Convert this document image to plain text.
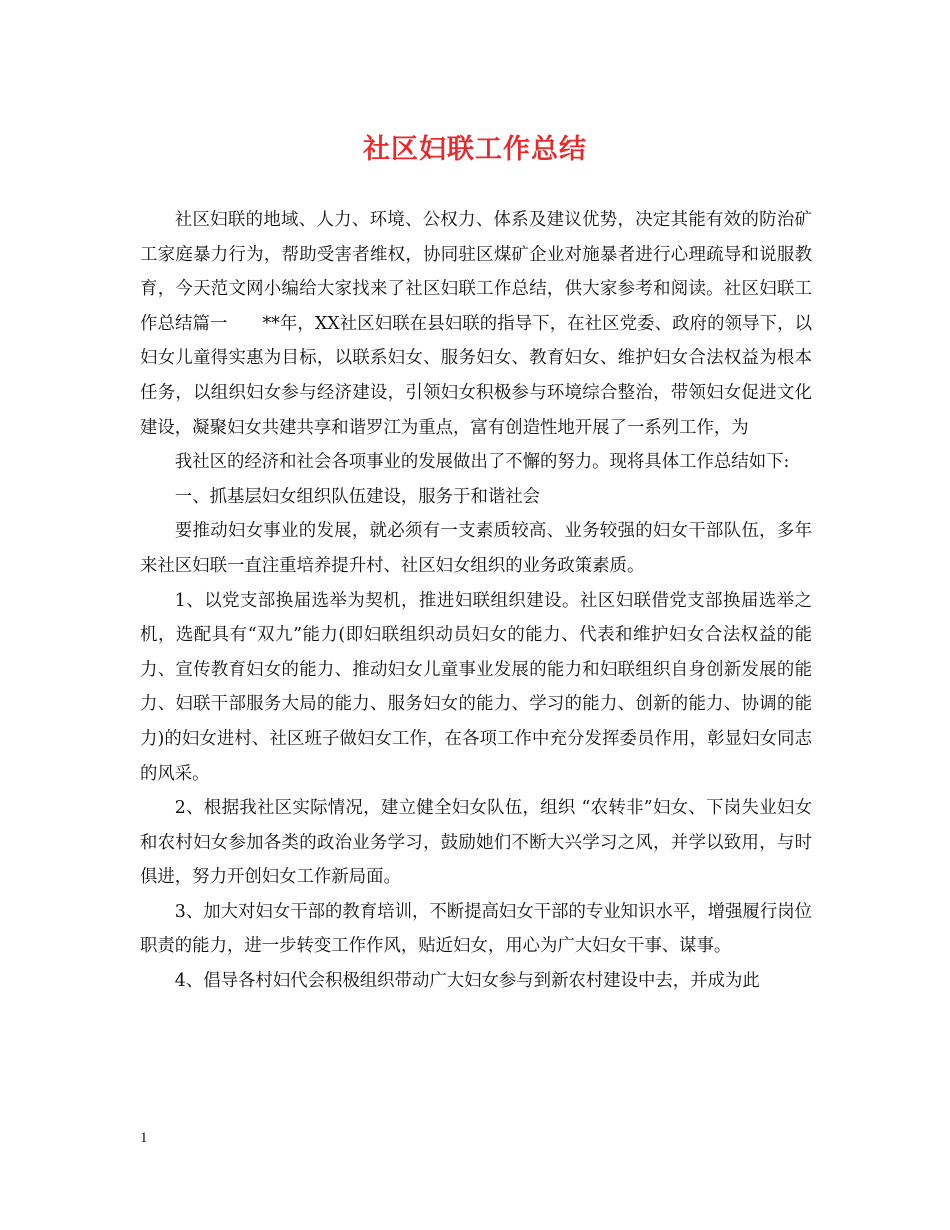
社区妇联工作总结

社区妇联的地域、人力、环境、公权力、体系及建议优势，决定其能有效的防治矿工家庭暴力行为，帮助受害者维权，协同驻区煤矿企业对施暴者进行心理疏导和说服教育，今天范文网小编给大家找来了社区妇联工作总结，供大家参考和阅读。社区妇联工作总结篇一　　**年，XX社区妇联在县妇联的指导下，在社区党委、政府的领导下，以妇女儿童得实惠为目标，以联系妇女、服务妇女、教育妇女、维护妇女合法权益为根本任务，以组织妇女参与经济建设，引领妇女积极参与环境综合整治，带领妇女促进文化建设，凝聚妇女共建共享和谐罗江为重点，富有创造性地开展了一系列工作，为

我社区的经济和社会各项事业的发展做出了不懈的努力。现将具体工作总结如下:

一、抓基层妇女组织队伍建设，服务于和谐社会

要推动妇女事业的发展，就必须有一支素质较高、业务较强的妇女干部队伍，多年来社区妇联一直注重培养提升村、社区妇女组织的业务政策素质。

1、以党支部换届选举为契机，推进妇联组织建设。社区妇联借党支部换届选举之机，选配具有“双九”能力(即妇联组织动员妇女的能力、代表和维护妇女合法权益的能力、宣传教育妇女的能力、推动妇女儿童事业发展的能力和妇联组织自身创新发展的能力、妇联干部服务大局的能力、服务妇女的能力、学习的能力、创新的能力、协调的能力)的妇女进村、社区班子做妇女工作，在各项工作中充分发挥委员作用，彰显妇女同志的风采。

2、根据我社区实际情况，建立健全妇女队伍，组织 “农转非”妇女、下岗失业妇女和农村妇女参加各类的政治业务学习，鼓励她们不断大兴学习之风，并学以致用，与时俱进，努力开创妇女工作新局面。

3、加大对妇女干部的教育培训，不断提高妇女干部的专业知识水平，增强履行岗位职责的能力，进一步转变工作作风，贴近妇女，用心为广大妇女干事、谋事。

4、倡导各村妇代会积极组织带动广大妇女参与到新农村建设中去，并成为此

1
